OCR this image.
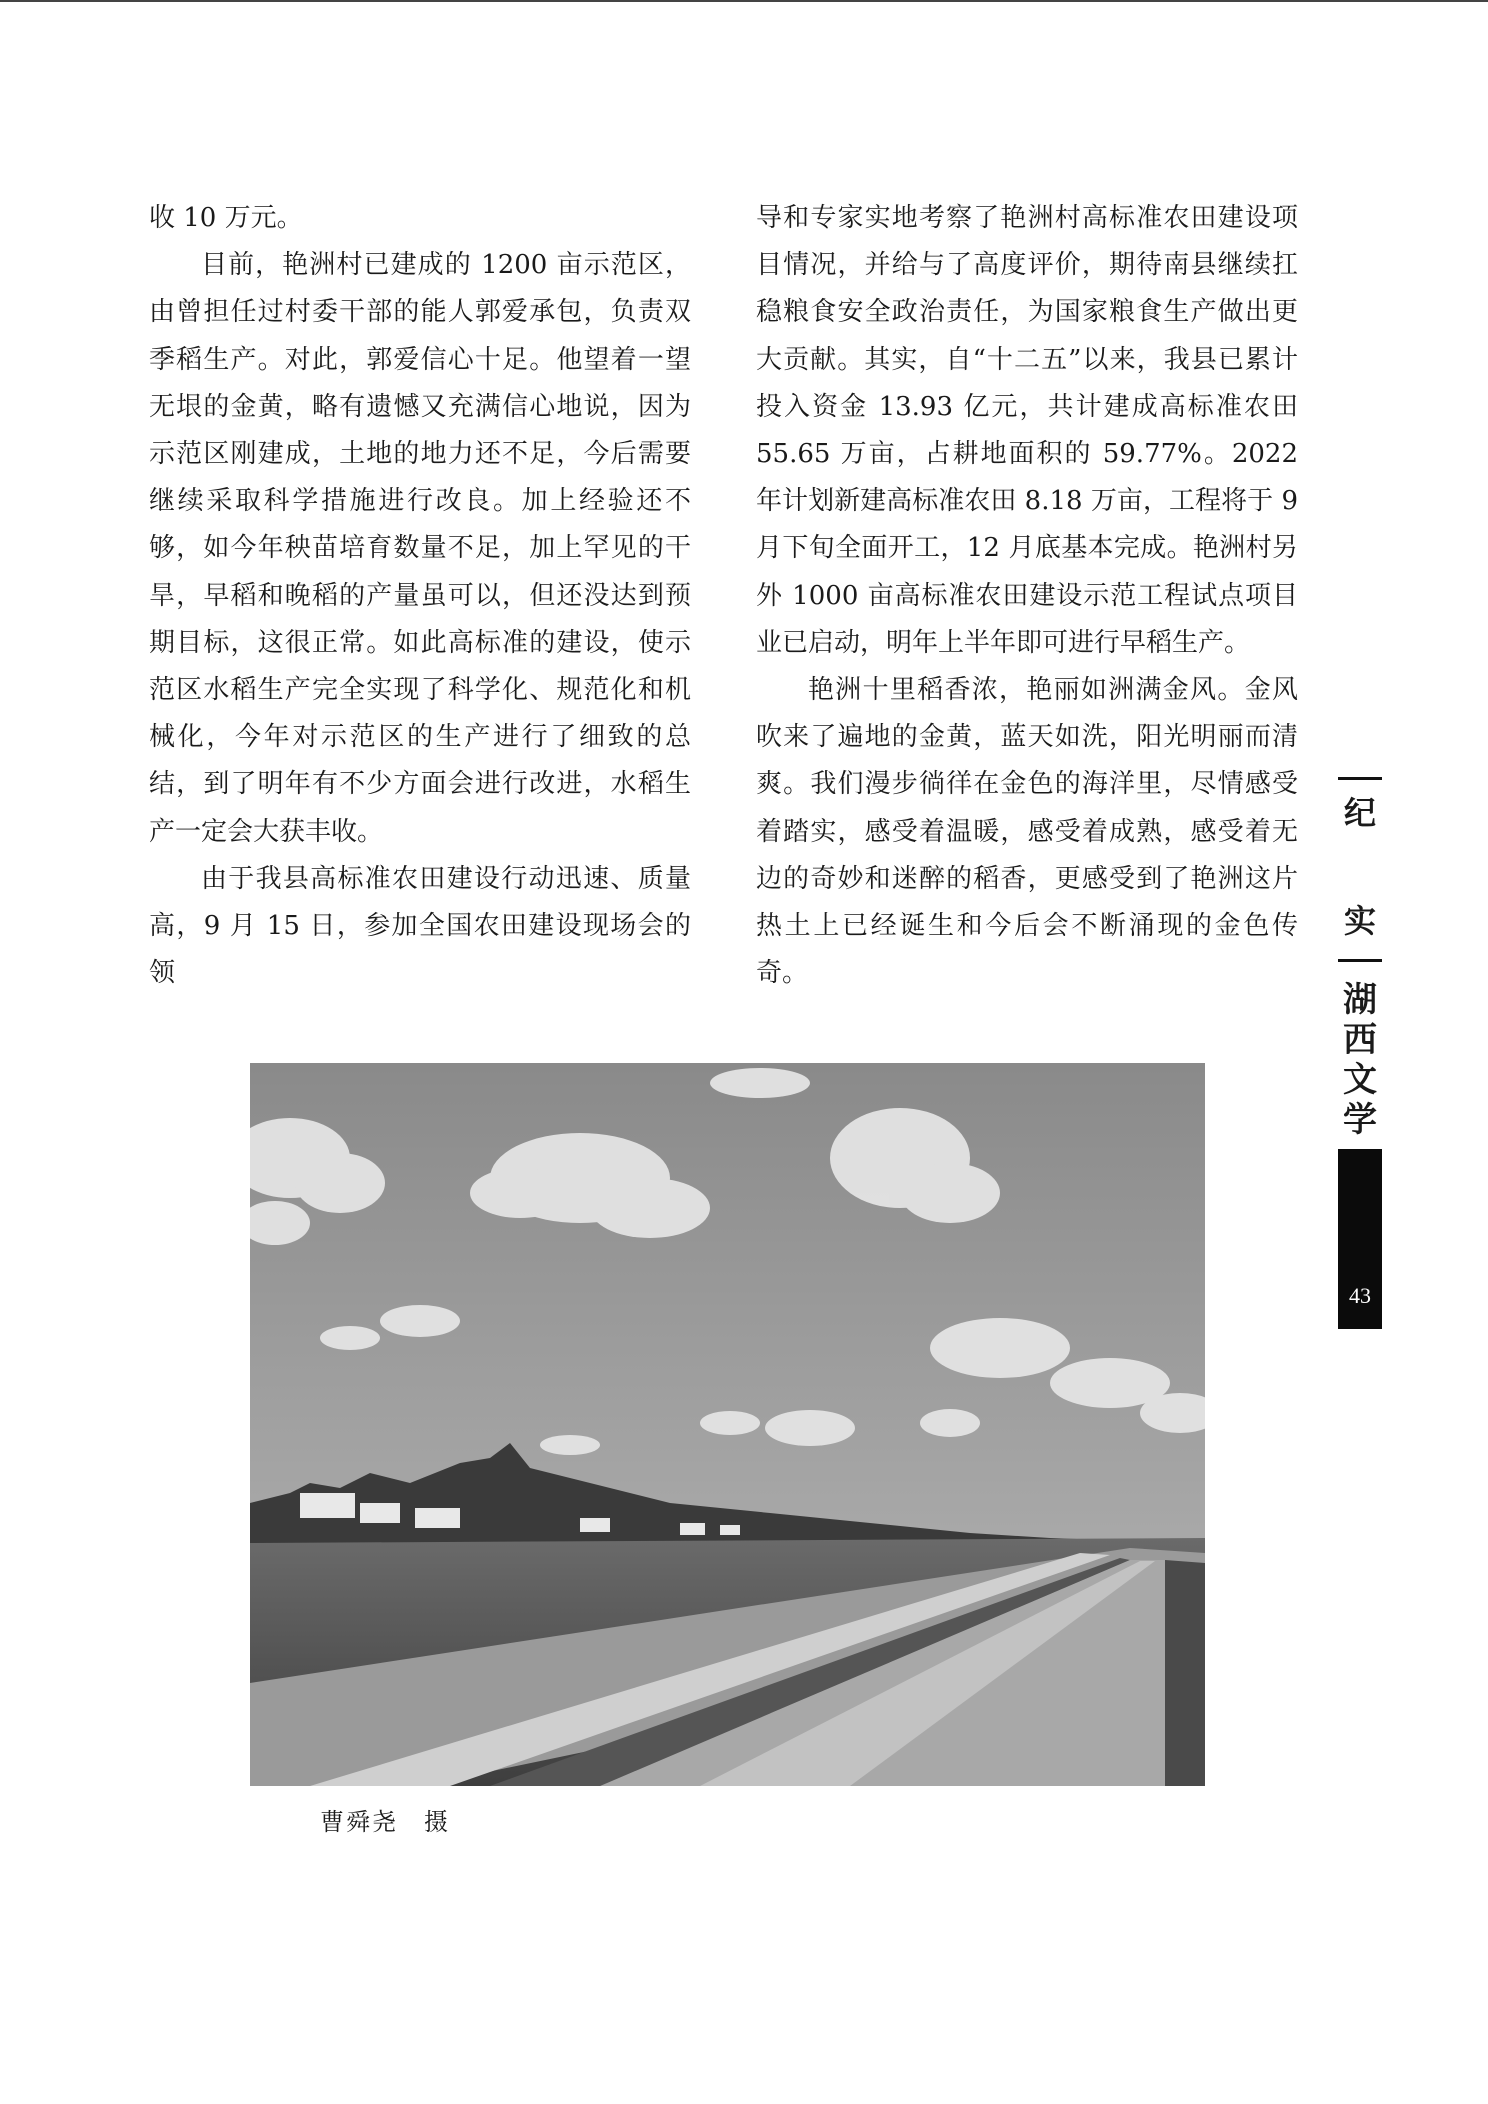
收 10 万元。

目前，艳洲村已建成的 1200 亩示范区，由曾担任过村委干部的能人郭爱承包，负责双季稻生产。对此，郭爱信心十足。他望着一望无垠的金黄，略有遗憾又充满信心地说，因为示范区刚建成，土地的地力还不足，今后需要继续采取科学措施进行改良。加上经验还不够，如今年秧苗培育数量不足，加上罕见的干旱，早稻和晚稻的产量虽可以，但还没达到预期目标，这很正常。如此高标准的建设，使示范区水稻生产完全实现了科学化、规范化和机械化，今年对示范区的生产进行了细致的总结，到了明年有不少方面会进行改进，水稻生产一定会大获丰收。

由于我县高标准农田建设行动迅速、质量高，9 月 15 日，参加全国农田建设现场会的领

导和专家实地考察了艳洲村高标准农田建设项目情况，并给与了高度评价，期待南县继续扛稳粮食安全政治责任，为国家粮食生产做出更大贡献。其实，自“十二五”以来，我县已累计投入资金 13.93 亿元，共计建成高标准农田 55.65 万亩，占耕地面积的 59.77%。2022 年计划新建高标准农田 8.18 万亩，工程将于 9 月下旬全面开工，12 月底基本完成。艳洲村另外 1000 亩高标准农田建设示范工程试点项目业已启动，明年上半年即可进行早稻生产。

艳洲十里稻香浓，艳丽如洲满金风。金风吹来了遍地的金黄，蓝天如洗，阳光明丽而清爽。我们漫步徜徉在金色的海洋里，尽情感受着踏实，感受着温暖，感受着成熟，感受着无边的奇妙和迷醉的稻香，更感受到了艳洲这片热土上已经诞生和今后会不断涌现的金色传奇。

纪
实
湖
西
文
学
43
曹舜尧　摄
